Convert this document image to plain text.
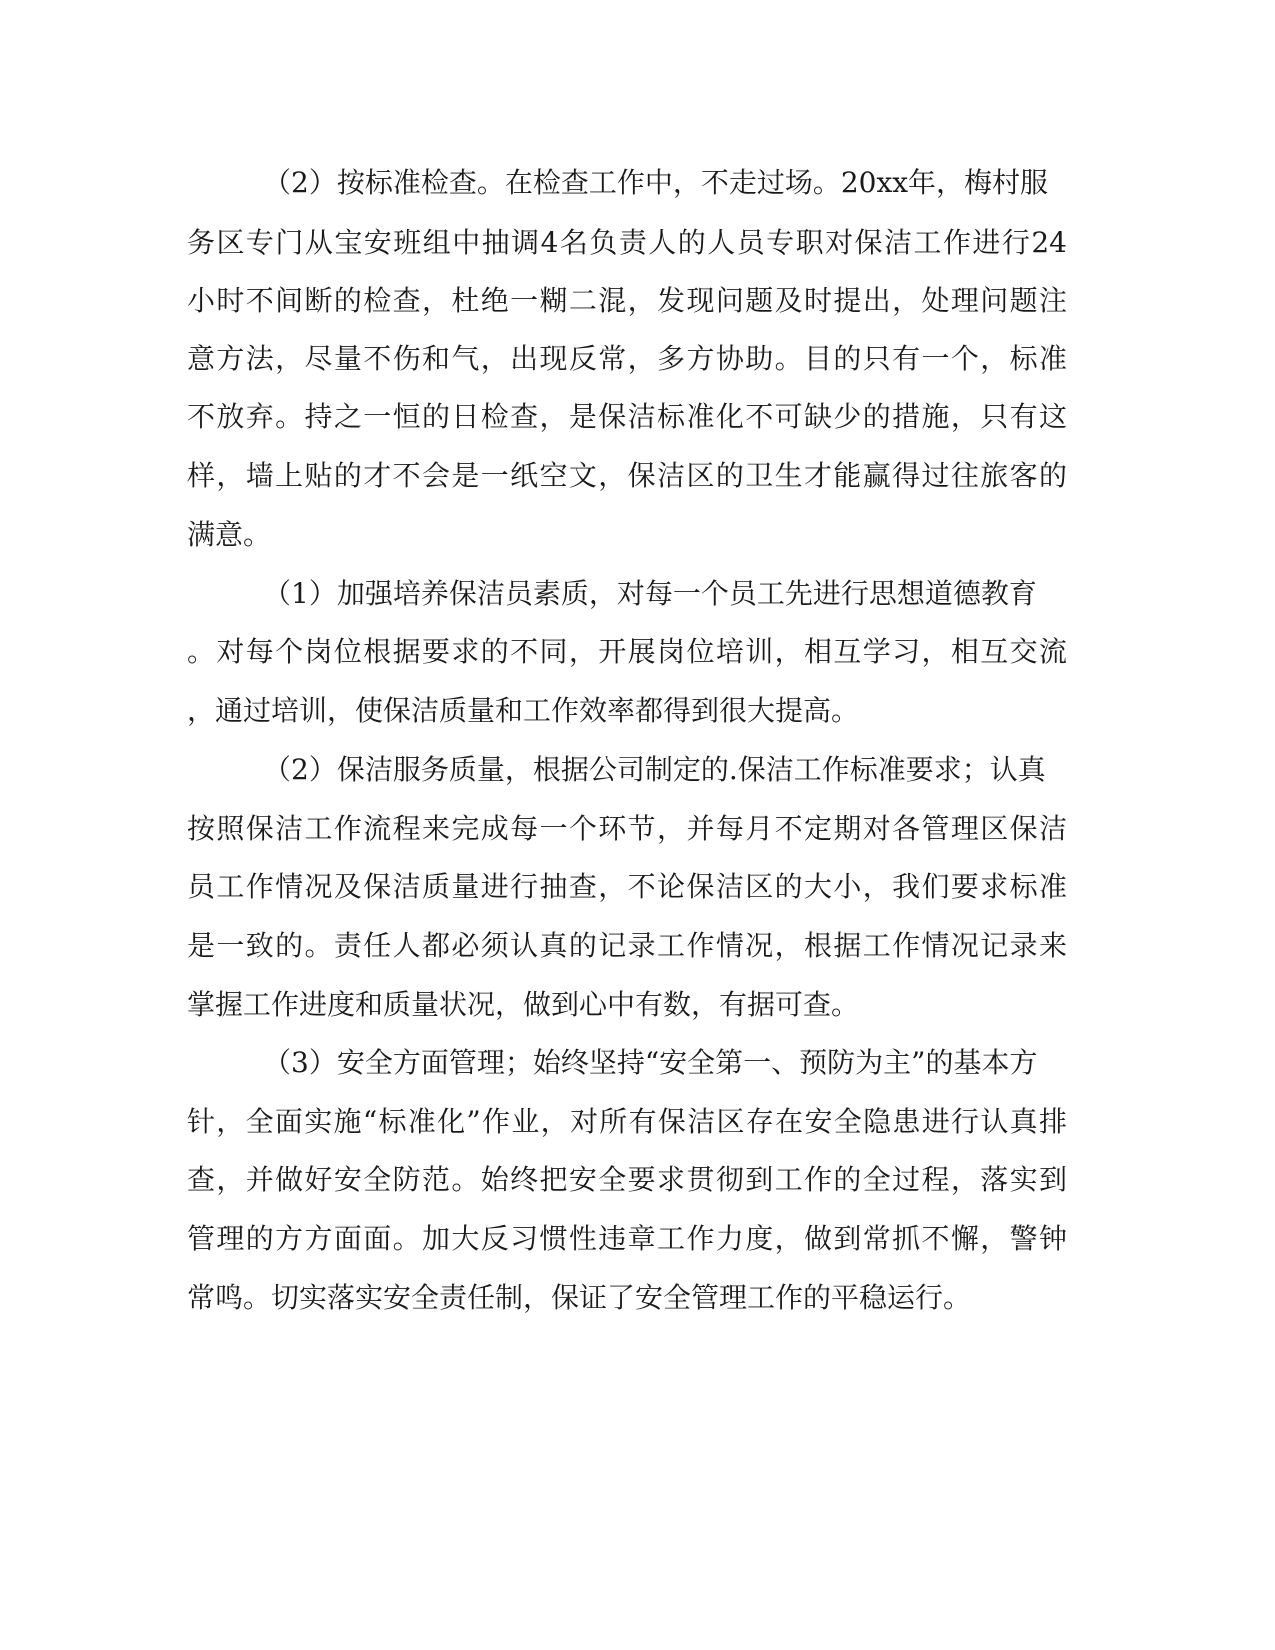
（2）按标准检查。在检查工作中，不走过场。20xx年，梅村服
务区专门从宝安班组中抽调4名负责人的人员专职对保洁工作进行24
小时不间断的检查，杜绝一糊二混，发现问题及时提出，处理问题注
意方法，尽量不伤和气，出现反常，多方协助。目的只有一个，标准
不放弃。持之一恒的日检查，是保洁标准化不可缺少的措施，只有这
样，墙上贴的才不会是一纸空文，保洁区的卫生才能赢得过往旅客的
满意。
（1）加强培养保洁员素质，对每一个员工先进行思想道德教育
。对每个岗位根据要求的不同，开展岗位培训，相互学习，相互交流
，通过培训，使保洁质量和工作效率都得到很大提高。
（2）保洁服务质量，根据公司制定的.保洁工作标准要求；认真
按照保洁工作流程来完成每一个环节，并每月不定期对各管理区保洁
员工作情况及保洁质量进行抽查，不论保洁区的大小，我们要求标准
是一致的。责任人都必须认真的记录工作情况，根据工作情况记录来
掌握工作进度和质量状况，做到心中有数，有据可查。
（3）安全方面管理；始终坚持“安全第一、预防为主”的基本方
针，全面实施“标准化”作业，对所有保洁区存在安全隐患进行认真排
查，并做好安全防范。始终把安全要求贯彻到工作的全过程，落实到
管理的方方面面。加大反习惯性违章工作力度，做到常抓不懈，警钟
常鸣。切实落实安全责任制，保证了安全管理工作的平稳运行。
